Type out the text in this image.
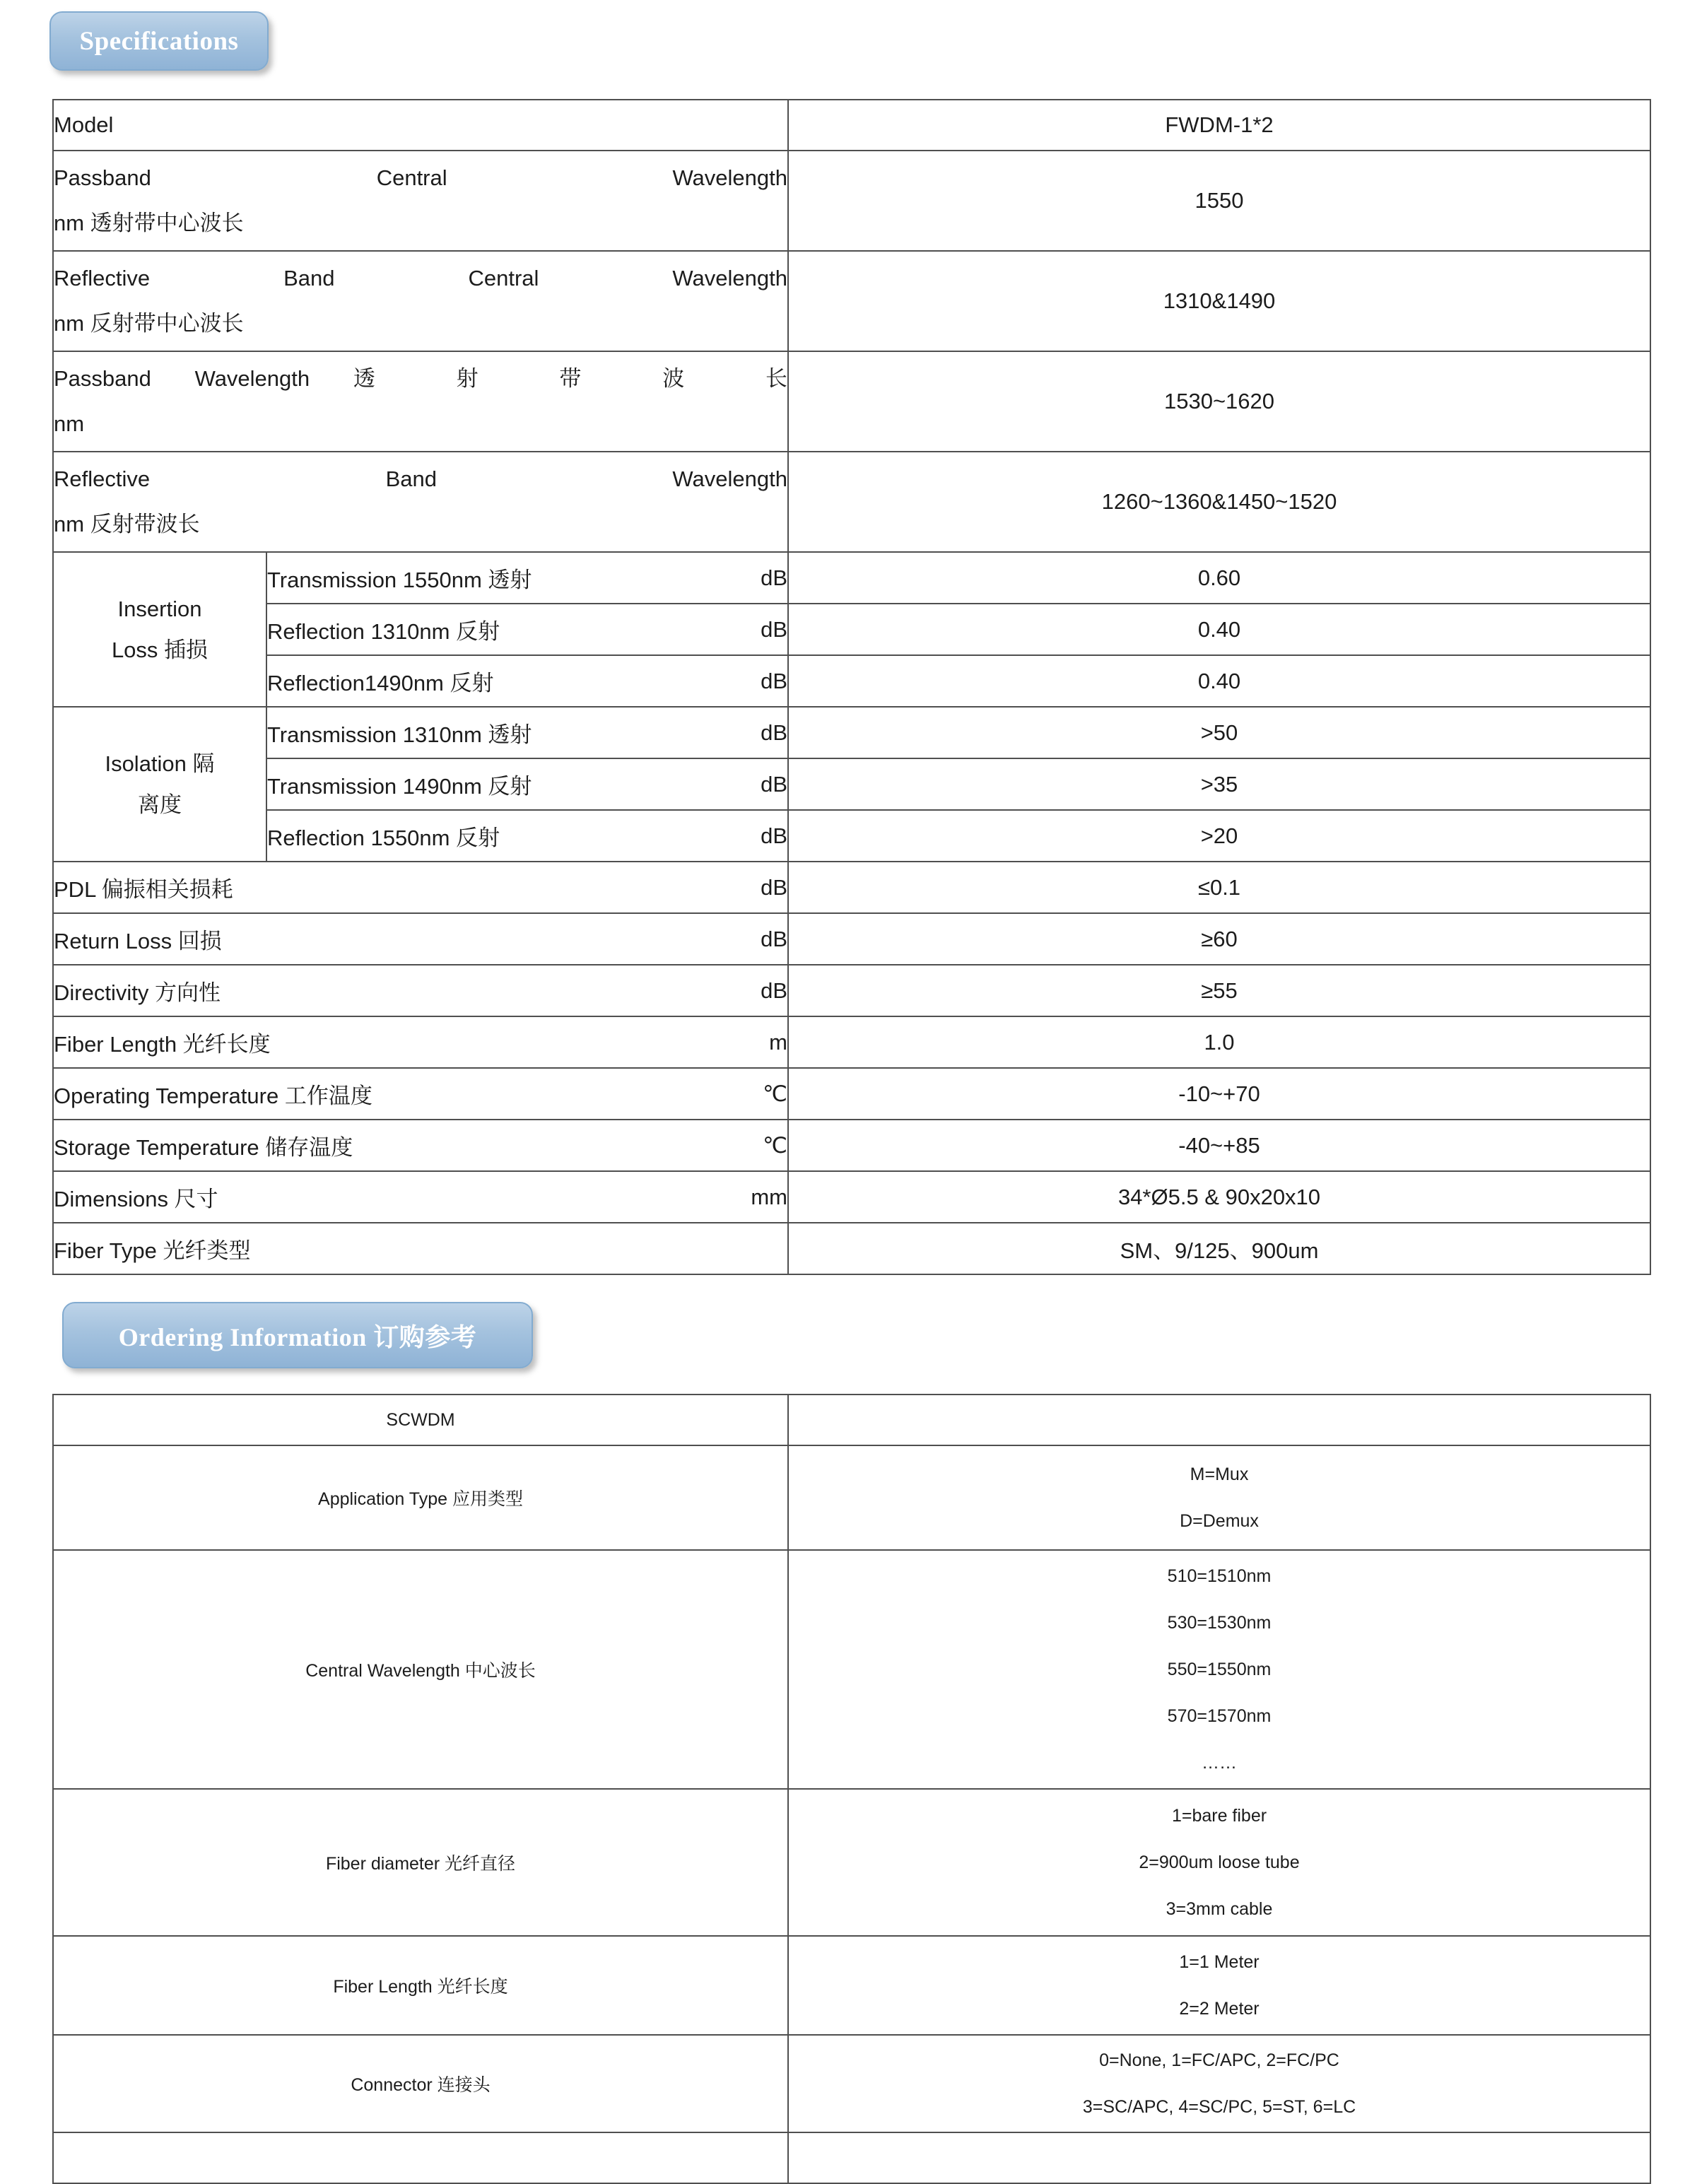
Specifications
Model		FWDM-1*2

Passband Central Wavelength
nm 透射带中心波长		1550

Reflective Band Central Wavelength
nm 反射带中心波长		1310&1490

Passband Wavelength 透 射 带 波 长
nm		1530~1620

Reflective Band Wavelength
nm 反射带波长		1260~1360&1450~1520

Insertion
Loss 插损

Transmission 1550nm 透射	dB	0.60

	Reflection 1310nm 反射 dB	0.40

	Reflection1490nm 反射 dB	0.40

Isolation 隔
离度

Transmission 1310nm 透射	dB	>50

	Transmission 1490nm 反射 dB	>35

	Reflection 1550nm 反射 dB	>20

PDL 偏振相关损耗 dB		≤0.1

Return Loss 回损 dB		≥60

Directivity 方向性 dB		≥55

Fiber Length 光纤长度 m		1.0

Operating Temperature 工作温度 ℃		-10~+70

Storage Temperature 储存温度 ℃		-40~+85

Dimensions 尺寸 mm		34*Ø5.5 & 90x20x10

Fiber Type 光纤类型		SM、9/125、900um
Ordering Information 订购参考
SCWDM	
Application Type 应用类型	M=Mux
D=Demux

Central Wavelength 中心波长	510=1510nm
530=1530nm
550=1550nm
570=1570nm
……

Fiber diameter 光纤直径	1=bare fiber
2=900um loose tube
3=3mm cable

Fiber Length 光纤长度	1=1 Meter
2=2 Meter

Connector 连接头	0=None, 1=FC/APC, 2=FC/PC
3=SC/APC, 4=SC/PC, 5=ST, 6=LC
